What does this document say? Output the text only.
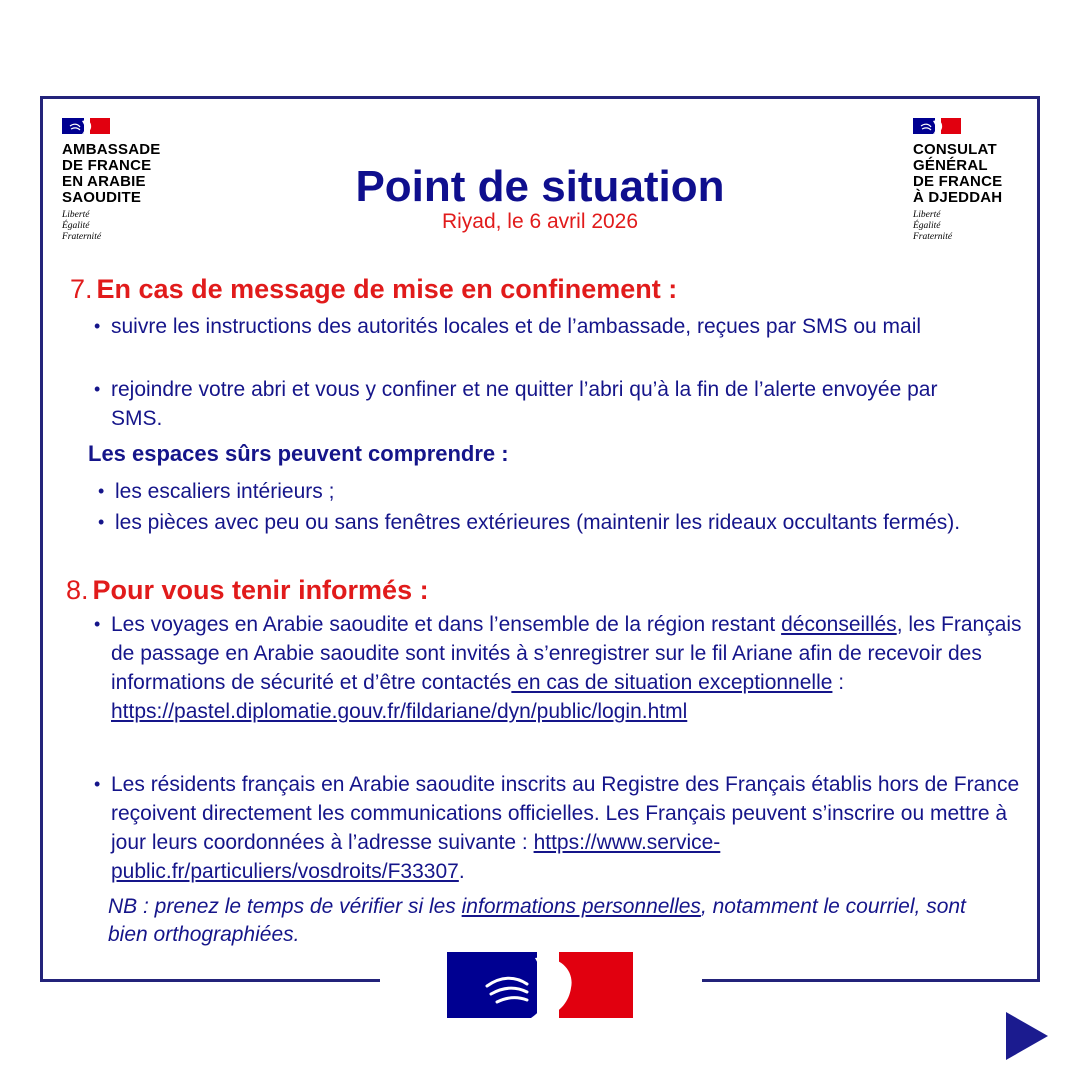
AMBASSADE
DE FRANCE
EN ARABIE
SAOUDITE
Liberté
Égalité
Fraternité
CONSULAT
GÉNÉRAL
DE FRANCE
À DJEDDAH
Liberté
Égalité
Fraternité
Point de situation
Riyad, le 6 avril 2026
7. En cas de message de mise en confinement :
• suivre les instructions des autorités locales et de l’ambassade, reçues par SMS ou mail
• rejoindre votre abri et vous y confiner et ne quitter l’abri qu’à la fin de l’alerte envoyée par SMS.
Les espaces sûrs peuvent comprendre :
• les escaliers intérieurs ;
• les pièces avec peu ou sans fenêtres extérieures (maintenir les rideaux occultants fermés).
8. Pour vous tenir informés :
• Les voyages en Arabie saoudite et dans l’ensemble de la région restant déconseillés, les Français de passage en Arabie saoudite sont invités à s’enregistrer sur le fil Ariane afin de recevoir des informations de sécurité et d’être contactés en cas de situation exceptionnelle :
https://pastel.diplomatie.gouv.fr/fildariane/dyn/public/login.html
• Les résidents français en Arabie saoudite inscrits au Registre des Français établis hors de France reçoivent directement les communications officielles. Les Français peuvent s’inscrire ou mettre à jour leurs coordonnées à l’adresse suivante : https://www.service-public.fr/particuliers/vosdroits/F33307.
NB : prenez le temps de vérifier si les informations personnelles, notamment le courriel, sont bien orthographiées.
